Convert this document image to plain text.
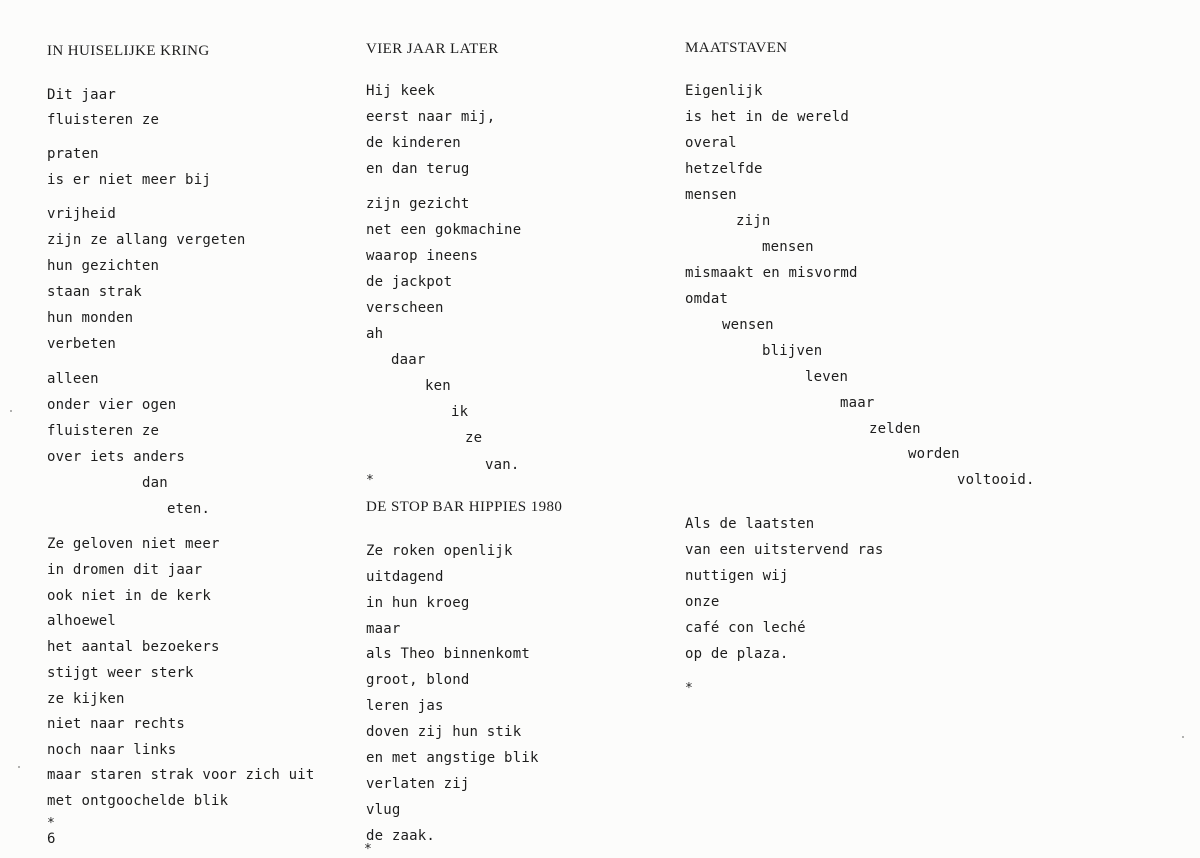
IN HUISELIJKE KRING
Dit jaar
fluisteren ze
praten
is er niet meer bij
vrijheid
zijn ze allang vergeten
hun gezichten
staan strak
hun monden
verbeten
alleen
onder vier ogen
fluisteren ze
over iets anders
dan
eten.
Ze geloven niet meer
in dromen dit jaar
ook niet in de kerk
alhoewel
het aantal bezoekers
stijgt weer sterk
ze kijken
niet naar rechts
noch naar links
maar staren strak voor zich uit
met ontgoochelde blik
*
6
VIER JAAR LATER
Hij keek
eerst naar mij,
de kinderen
en dan terug
zijn gezicht
net een gokmachine
waarop ineens
de jackpot
verscheen
ah
daar
ken
ik
ze
van.
*
DE STOP BAR HIPPIES 1980
Ze roken openlijk
uitdagend
in hun kroeg
maar
als Theo binnenkomt
groot, blond
leren jas
doven zij hun stik
en met angstige blik
verlaten zij
vlug
de zaak.
*
MAATSTAVEN
Eigenlijk
is het in de wereld
overal
hetzelfde
mensen
zijn
mensen
mismaakt en misvormd
omdat
wensen
blijven
leven
maar
zelden
worden
voltooid.
Als de laatsten
van een uitstervend ras
nuttigen wij
onze
café con leché
op de plaza.
*
